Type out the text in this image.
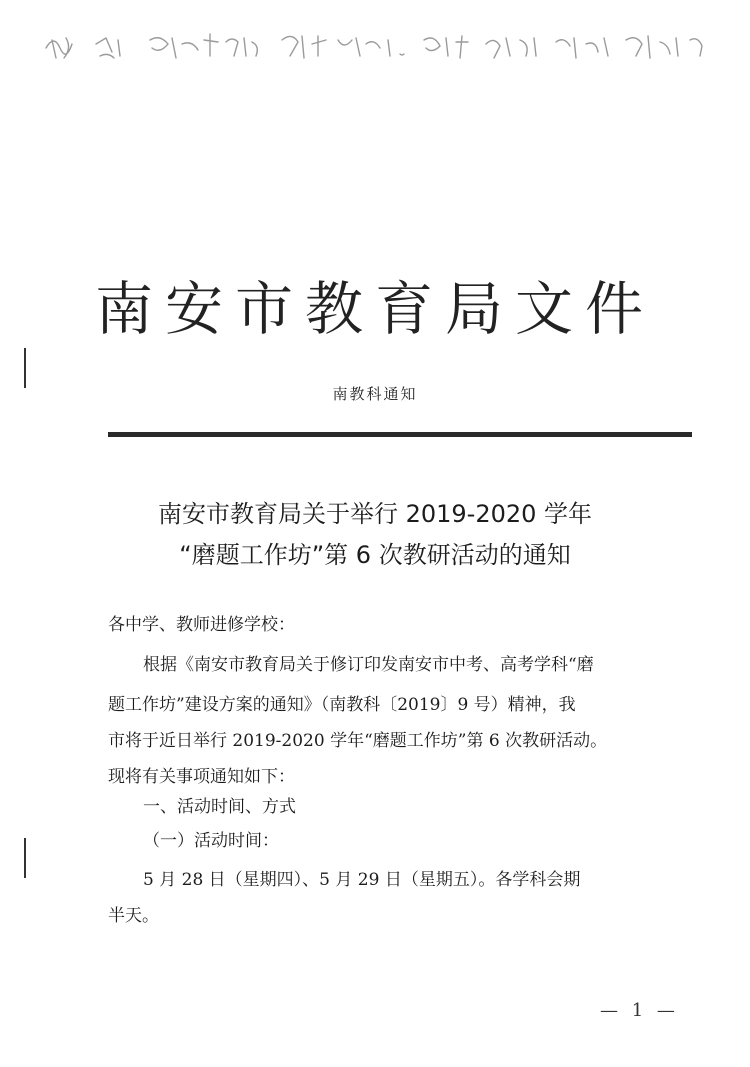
南安市教育局文件
南教科通知
南安市教育局关于举行 2019-2020 学年
“磨题工作坊”第 6 次教研活动的通知
各中学、教师进修学校：
根据《南安市教育局关于修订印发南安市中考、高考学科“磨
题工作坊”建设方案的通知》（南教科〔2019〕9 号）精神，我
市将于近日举行 2019-2020 学年“磨题工作坊”第 6 次教研活动。
现将有关事项通知如下：
一、活动时间、方式
（一）活动时间：
5 月 28 日（星期四）、5 月 29 日（星期五）。各学科会期
半天。
— 1 —
